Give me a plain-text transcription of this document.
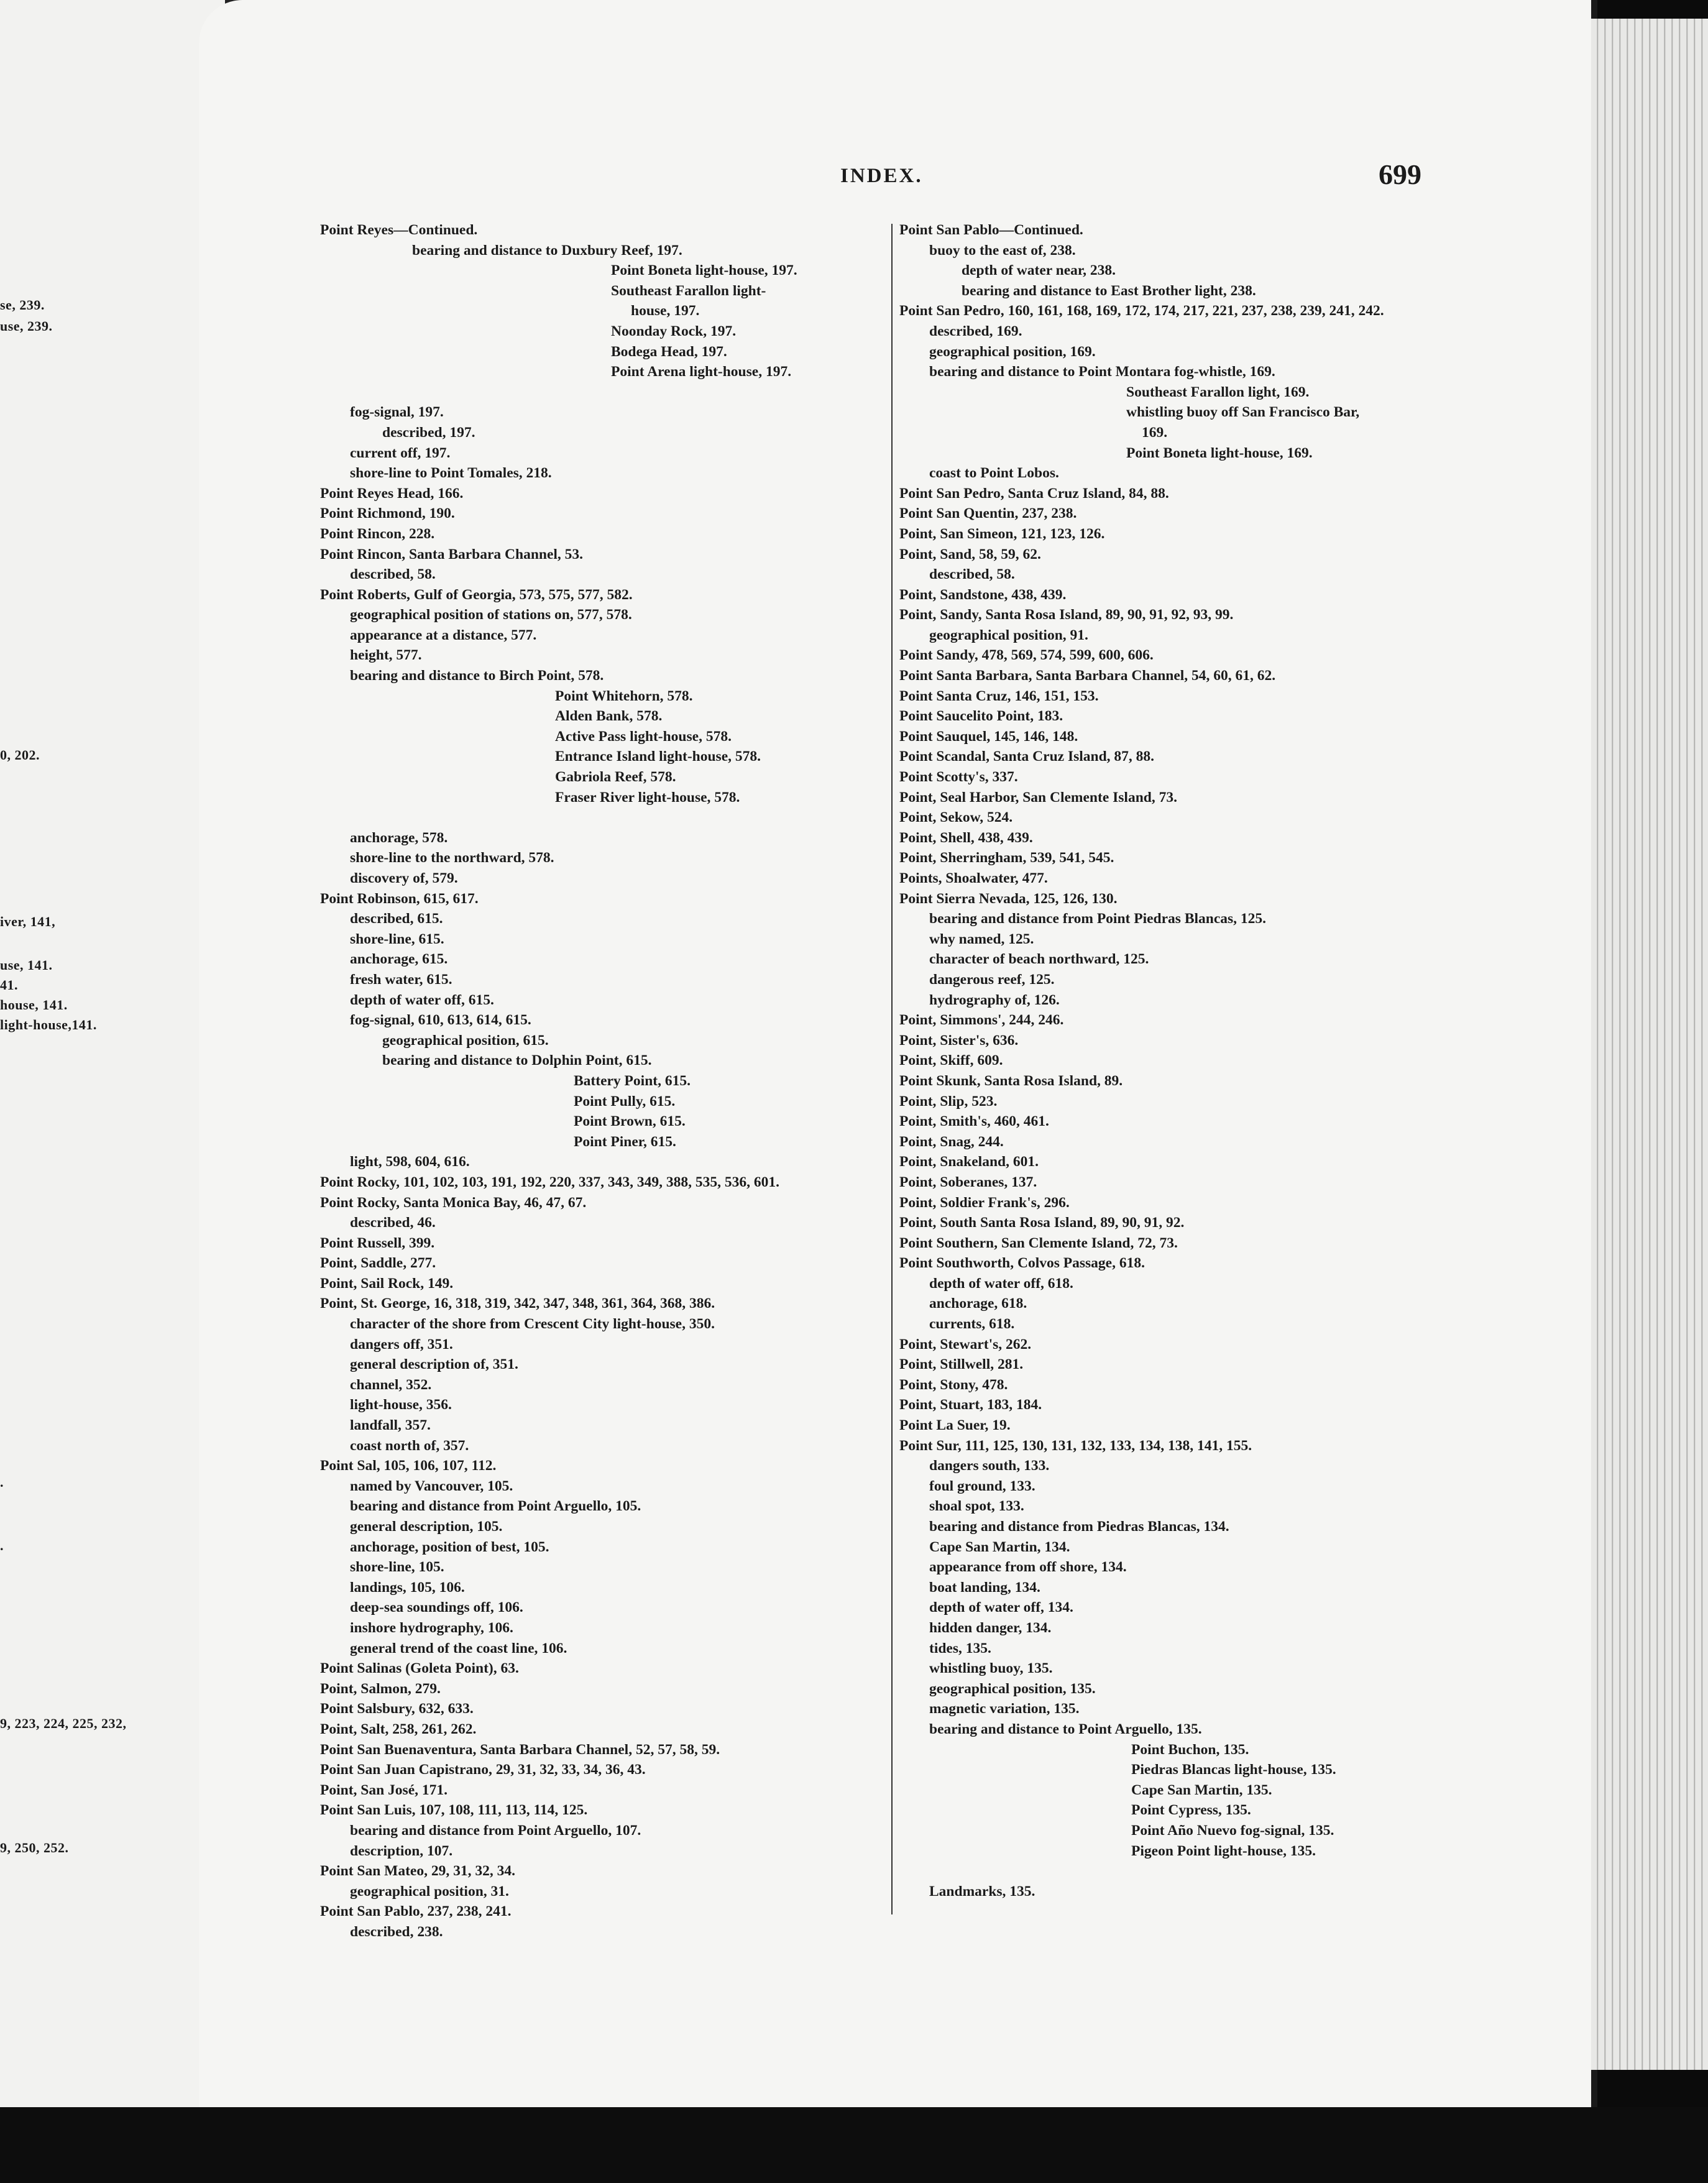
se, 239.
use, 239.
0, 202.
iver, 141,
use, 141.
41.
house, 141.
light-house,141.
.
.
9, 223, 224, 225, 232,
9, 250, 252.
INDEX.	699
Point Reyes—Continued.
bearing and distance to Duxbury Reef, 197.
Point Boneta light-house, 197.
Southeast Farallon light-
house, 197.
Noonday Rock, 197.
Bodega Head, 197.
Point Arena light-house, 197.
fog-signal, 197.
described, 197.
current off, 197.
shore-line to Point Tomales, 218.
Point Reyes Head, 166.
Point Richmond, 190.
Point Rincon, 228.
Point Rincon, Santa Barbara Channel, 53.
described, 58.
Point Roberts, Gulf of Georgia, 573, 575, 577, 582.
geographical position of stations on, 577, 578.
appearance at a distance, 577.
height, 577.
bearing and distance to Birch Point, 578.
Point Whitehorn, 578.
Alden Bank, 578.
Active Pass light-house, 578.
Entrance Island light-house, 578.
Gabriola Reef, 578.
Fraser River light-house, 578.
anchorage, 578.
shore-line to the northward, 578.
discovery of, 579.
Point Robinson, 615, 617.
described, 615.
shore-line, 615.
anchorage, 615.
fresh water, 615.
depth of water off, 615.
fog-signal, 610, 613, 614, 615.
geographical position, 615.
bearing and distance to Dolphin Point, 615.
Battery Point, 615.
Point Pully, 615.
Point Brown, 615.
Point Piner, 615.
light, 598, 604, 616.
Point Rocky, 101, 102, 103, 191, 192, 220, 337, 343, 349, 388, 535, 536, 601.
Point Rocky, Santa Monica Bay, 46, 47, 67.
described, 46.
Point Russell, 399.
Point, Saddle, 277.
Point, Sail Rock, 149.
Point, St. George, 16, 318, 319, 342, 347, 348, 361, 364, 368, 386.
character of the shore from Crescent City light-house, 350.
dangers off, 351.
general description of, 351.
channel, 352.
light-house, 356.
landfall, 357.
coast north of, 357.
Point Sal, 105, 106, 107, 112.
named by Vancouver, 105.
bearing and distance from Point Arguello, 105.
general description, 105.
anchorage, position of best, 105.
shore-line, 105.
landings, 105, 106.
deep-sea soundings off, 106.
inshore hydrography, 106.
general trend of the coast line, 106.
Point Salinas (Goleta Point), 63.
Point, Salmon, 279.
Point Salsbury, 632, 633.
Point, Salt, 258, 261, 262.
Point San Buenaventura, Santa Barbara Channel, 52, 57, 58, 59.
Point San Juan Capistrano, 29, 31, 32, 33, 34, 36, 43.
Point, San José, 171.
Point San Luis, 107, 108, 111, 113, 114, 125.
bearing and distance from Point Arguello, 107.
description, 107.
Point San Mateo, 29, 31, 32, 34.
geographical position, 31.
Point San Pablo, 237, 238, 241.
described, 238.
Point San Pablo—Continued.
buoy to the east of, 238.
depth of water near, 238.
bearing and distance to East Brother light, 238.
Point San Pedro, 160, 161, 168, 169, 172, 174, 217, 221, 237, 238, 239, 241, 242.
described, 169.
geographical position, 169.
bearing and distance to Point Montara fog-whistle, 169.
Southeast Farallon light, 169.
whistling buoy off San Francisco Bar,
169.
Point Boneta light-house, 169.
coast to Point Lobos.
Point San Pedro, Santa Cruz Island, 84, 88.
Point San Quentin, 237, 238.
Point, San Simeon, 121, 123, 126.
Point, Sand, 58, 59, 62.
described, 58.
Point, Sandstone, 438, 439.
Point, Sandy, Santa Rosa Island, 89, 90, 91, 92, 93, 99.
geographical position, 91.
Point Sandy, 478, 569, 574, 599, 600, 606.
Point Santa Barbara, Santa Barbara Channel, 54, 60, 61, 62.
Point Santa Cruz, 146, 151, 153.
Point Saucelito Point, 183.
Point Sauquel, 145, 146, 148.
Point Scandal, Santa Cruz Island, 87, 88.
Point Scotty's, 337.
Point, Seal Harbor, San Clemente Island, 73.
Point, Sekow, 524.
Point, Shell, 438, 439.
Point, Sherringham, 539, 541, 545.
Points, Shoalwater, 477.
Point Sierra Nevada, 125, 126, 130.
bearing and distance from Point Piedras Blancas, 125.
why named, 125.
character of beach northward, 125.
dangerous reef, 125.
hydrography of, 126.
Point, Simmons', 244, 246.
Point, Sister's, 636.
Point, Skiff, 609.
Point Skunk, Santa Rosa Island, 89.
Point, Slip, 523.
Point, Smith's, 460, 461.
Point, Snag, 244.
Point, Snakeland, 601.
Point, Soberanes, 137.
Point, Soldier Frank's, 296.
Point, South Santa Rosa Island, 89, 90, 91, 92.
Point Southern, San Clemente Island, 72, 73.
Point Southworth, Colvos Passage, 618.
depth of water off, 618.
anchorage, 618.
currents, 618.
Point, Stewart's, 262.
Point, Stillwell, 281.
Point, Stony, 478.
Point, Stuart, 183, 184.
Point La Suer, 19.
Point Sur, 111, 125, 130, 131, 132, 133, 134, 138, 141, 155.
dangers south, 133.
foul ground, 133.
shoal spot, 133.
bearing and distance from Piedras Blancas, 134.
Cape San Martin, 134.
appearance from off shore, 134.
boat landing, 134.
depth of water off, 134.
hidden danger, 134.
tides, 135.
whistling buoy, 135.
geographical position, 135.
magnetic variation, 135.
bearing and distance to Point Arguello, 135.
Point Buchon, 135.
Piedras Blancas light-house, 135.
Cape San Martin, 135.
Point Cypress, 135.
Point Año Nuevo fog-signal, 135.
Pigeon Point light-house, 135.
Landmarks, 135.
